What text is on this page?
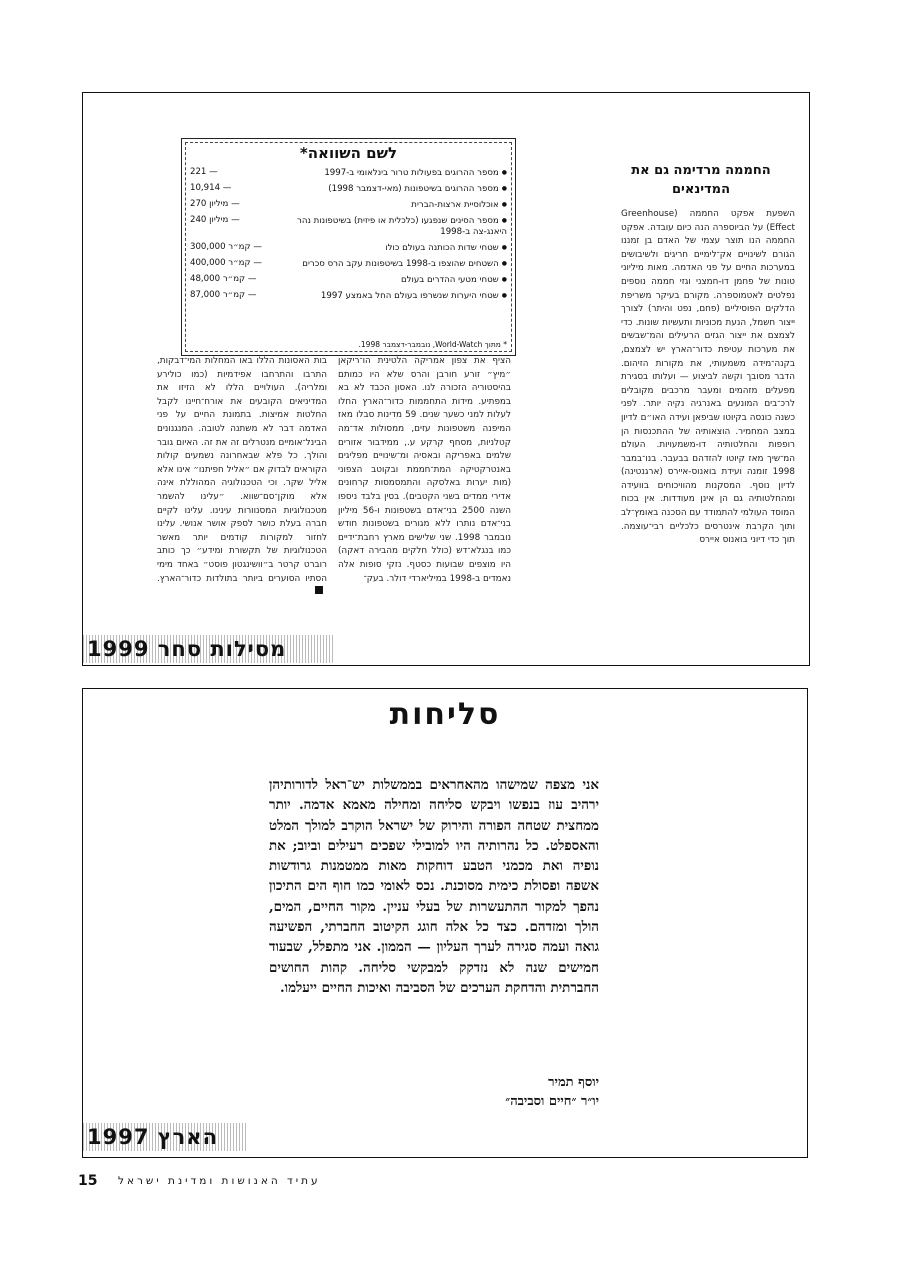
לשם השוואה*
● מספר ההרוגים בפעולות טרור בינלאומי ב-1997
221 —
● מספר ההרוגים בשיטפונות (מאי-דצמבר 1998)
10,914 —
● אוכלוסיית ארצות-הברית
270 מיליון —
● מספר הסינים שנפגעו (כלכלית או פיזית) בשיטפונות נהר היאנג-צה ב-1998
240 מיליון —
● שטחי שדות הכותנה בעולם כולו
300,000 קמ״ר —
● השטחים שהוצפו ב-1998 בשיטפונות עקב הרס סכרים
400,000 קמ״ר —
● שטחי מטעי ההדרים בעולם
48,000 קמ״ר —
● שטחי היערות שנשרפו בעולם החל באמצע 1997
87,000 קמ״ר —
* מתוך World-Watch, נובמבר-דצמבר 1998.
החממה מרדימה גם את המדינאים
השפעת אפקט החממה (Greenhouse Effect) על הביוספרה הנה כיום עובדה. אפקט החממה הנו תוצר עצמי של האדם בן זמננו הגורם לשינויים אק־לימיים חריגים ולשיבושים במערכות החיים על פני האדמה. מאות מיליוני טונות של פחמן דו-חמצני וגזי חממה נוספים נפלטים לאטמוספרה. מקורם בעיקר משריפת הדלקים הפוסיליים (פחם, נפט והיתר) לצורך ייצור חשמל, הנעת מכוניות ותעשיות שונות. כדי לצמצם את ייצור הגזים הרעילים והמ־שבשים את מערכות עטיפת כדור־הארץ יש לצמצם, בקנה־מידה משמעותי, את מקורות הזיהום. הדבר מסובך וקשה לביצוע — ועלותו בסגירת מפעלים מזהמים ומעבר מרכבים מקובלים לרכ־בים המונעים באנרגיה נקיה יותר. לפני כשנה כונסה בקיוטו שביפאן ועידה האו״ם לדיון במצב המחמיר. הוצאותיה של ההתכנסות הן רופפות והחלטותיה דו-משמעויות. העולם המ־שיך מאז קיוטו להזדהם בבעבר. בנו־במבר 1998 זומנה ועידת בואנוס-איירס (ארגנטינה) לדיון נוסף. המסקנות מהוויכוחים בוועידה ומהחלטותיה גם הן אינן מעודדות. אין בכוח המוסד העולמי להתמודד עם הסכנה באומץ־לב ותוך הקרבת אינטרסים כלכליים רבי־עוצמה. תוך כדי דיוני בואנוס איירס
הציף את צפון אמריקה הלטינית הו־ריקאן ״מיץ״ זורע חורבן והרס שלא היו כמותם בהיסטוריה הזכורה לנו. האסון הכבד לא בא במפתיע. מידות התחממות כדור־הארץ החלו לעלות למני כשער שנים. 59 מדינות סבלו מאז המיפנה משטפונות עזים, ממסולות אד־מה קטלניות, מסחף קרקע ע., ממידבור אזורים שלמים באפריקה ובאסיה ומ־שינויים מפליגים באנטרקטיקה המת־חממת ובקוטב הצפוני (מות יערות באלסקה והתמסמסות קרחונים אדירי ממדים בשני הקטבים). בסין בלבד ניספו השנה 2500 בני־אדם בשטפונות ו-56 מיליון בני־אדם נותרו ללא מגורים בשטפונות חודש נובמבר 1998. שני שלישים מארץ רחבת־ידיים כמו בנגלא־דש (כולל חלקים מהבירה דאקה) היו מוצפים שבועות כסטף. נזקי סופות אלה נאמדים ב-1998 במיליארדי דולר. בעק־
בות האסונות הללו באו המחלות המי־דבקות, התרבו והתרחבו אפידמיות (כמו כולירע ומלריה). העולויים הללו לא הזיזו את המדיניאים הקובעים את אורח־חיינו לקבל החלטות אמיצות. בתמונת החיים על פני האדמה דבר לא משתנה לטובה. המנגנונים הבינל־אומיים מנטרלים זה את זה. האיום גובר והולך. כל פלא שבאחרונה נשמעים קולות הקוראים לבדוק אם ״אליל חפיתנו״ אינו אלא אליל שקר. וכי הטכנולוגיה המהוללת אינה אלא מוקן־סם־שווא. ״עלינו להשמר מטכנולוגיות המסנוורות עינינו. עלינו לקיים חברה בעלת כושר לספק אושר אנושי. עלינו לחזור למקורות קודמים יותר מאשר הטכנולוגיות של תקשורת ומידע״ כך כותב רוברט קרטר ב״וושינגטון פוסט״ באחד מימי הסתיו הסוערים ביותר בתולדות כדור־הארץ.
מסילות סחר 1999
סליחות
אני מצפה שמישהו מהאחראים בממשלות יש־ראל לדורותיהן ירהיב עוז בנפשו ויבקש סליחה ומחילה מאמא אדמה. יותר ממחצית שטחה הפורה והירוק של ישראל הוקרב למולך המלט והאספלט. כל נהרותיה היו למובילי שפכים רעילים וביוב; את נופיה ואת מכמני הטבע דוחקות מאות ממטמנות גרודשות אשפה ופסולת כימית מסוכנת. נכס לאומי כמו חוף הים התיכון נהפך למקור ההתעשרות של בעלי עניין. מקור החיים, המים, הולך ומזדהם. כצד כל אלה חוגג הקיטוב החברתי, הפשיעה גואה ועמה סגירה לערך העליון — הממון. אני מתפלל, שבעוד חמישים שנה לא נזדקק למבקשי סליחה. קהות החושים החברתית והדחקת הערכים של הסביבה ואיכות החיים ייעלמו.
יוסף תמיר
יו״ר ״חיים וסביבה״
הארץ 1997
15 עתיד האנושות ומדינת ישראל
